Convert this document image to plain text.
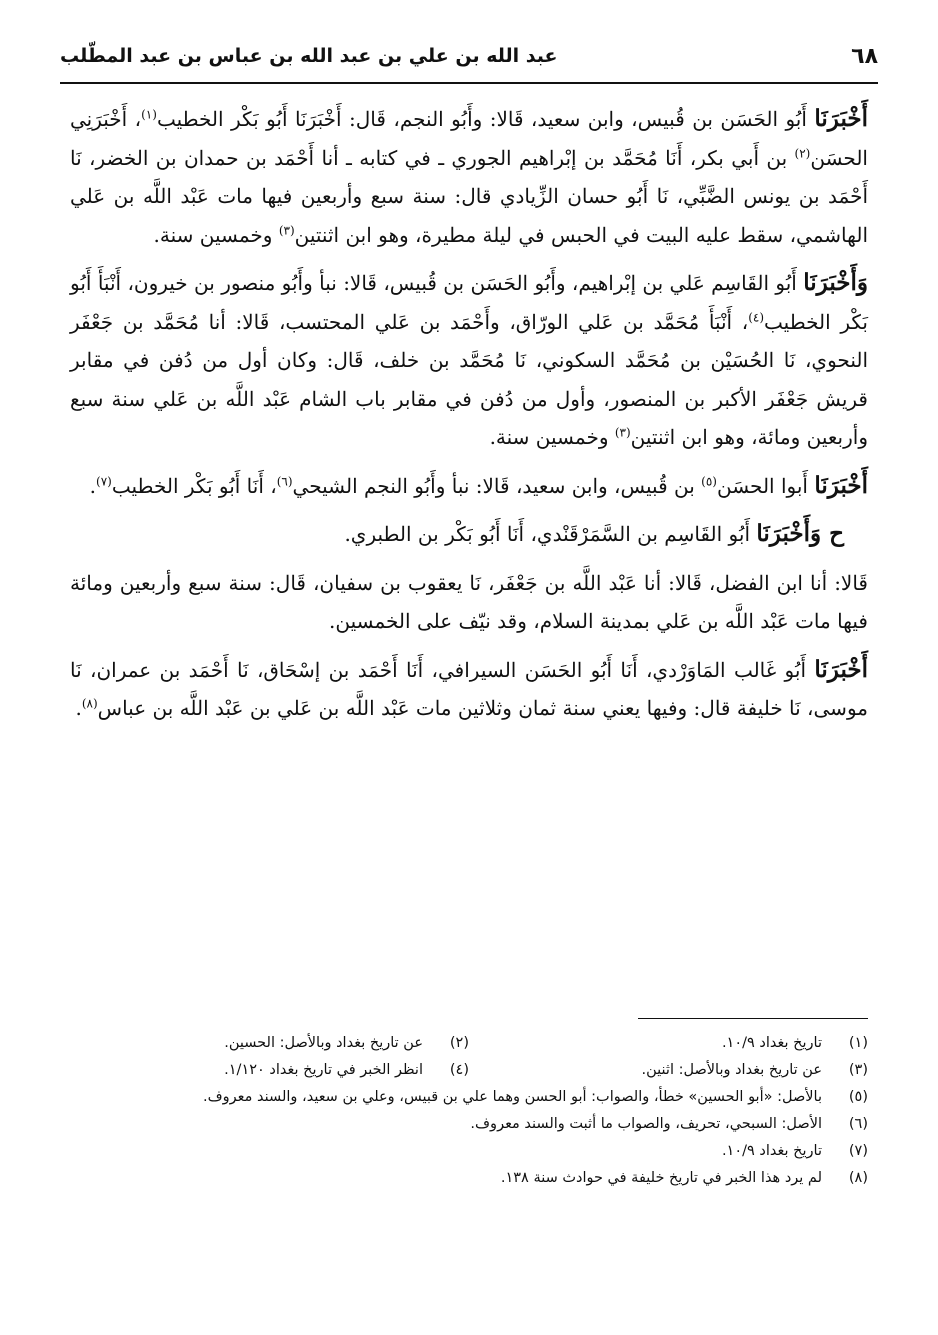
٦٨
عبد الله بن علي بن عبد الله بن عباس بن عبد المطّلب

أَخْبَرَنَا أَبُو الحَسَن بن قُبيس، وابن سعيد، قَالا: وأَبُو النجم، قَال: أَخْبَرَنَا أَبُو بَكْر الخطيب$^{(١)}$، أَخْبَرَنِي الحسَن$^{(٢)}$ بن أَبي بكر، أَنَا مُحَمَّد بن إبْراهيم الجوري ـ في كتابه ـ أنا أَحْمَد بن حمدان بن الخضر، نَا أَحْمَد بن يونس الضَّبِّي، نَا أَبُو حسان الزِّيادي قال: سنة سبع وأربعين فيها مات عَبْد اللَّه بن عَلي الهاشمي، سقط عليه البيت في الحبس في ليلة مطيرة، وهو ابن اثنتين$^{(٣)}$ وخمسين سنة.

وَأَخْبَرَنَا أَبُو القَاسِم عَلي بن إبْراهيم، وأَبُو الحَسَن بن قُبيس، قَالا: نبأ وأَبُو منصور بن خيرون، أَنْبَأَ أَبُو بَكْر الخطيب$^{(٤)}$، أَنْبَأَ مُحَمَّد بن عَلي الورّاق، وأَحْمَد بن عَلي المحتسب، قَالا: أنا مُحَمَّد بن جَعْفَر النحوي، نَا الحُسَيْن بن مُحَمَّد السكوني، نَا مُحَمَّد بن خلف، قَال: وكان أول من دُفن في مقابر قريش جَعْفَر الأكبر بن المنصور، وأول من دُفن في مقابر باب الشام عَبْد اللَّه بن عَلي سنة سبع وأربعين ومائة، وهو ابن اثنتين$^{(٣)}$ وخمسين سنة.

أَخْبَرَنَا أَبوا الحسَن$^{(٥)}$ بن قُبيس، وابن سعيد، قَالا: نبأ وأَبُو النجم الشيحي$^{(٦)}$، أَنَا أَبُو بَكْر الخطيب$^{(٧)}$.

ح وَأَخْبَرَنَا أَبُو القَاسِم بن السَّمَرْقَنْدي، أَنَا أَبُو بَكْر بن الطبري.

قَالا: أنا ابن الفضل، قَالا: أنا عَبْد اللَّه بن جَعْفَر، نَا يعقوب بن سفيان، قَال: سنة سبع وأربعين ومائة فيها مات عَبْد اللَّه بن عَلي بمدينة السلام، وقد نيّف على الخمسين.

أَخْبَرَنَا أَبُو غَالب المَاوَرْدي، أَنَا أَبُو الحَسَن السيرافي، أَنَا أَحْمَد بن إسْحَاق، نَا أَحْمَد بن عمران، نَا موسى، نَا خليفة قال: وفيها يعني سنة ثمان وثلاثين مات عَبْد اللَّه بن عَلي بن عَبْد اللَّه بن عباس$^{(٨)}$.

(١)
تاريخ بغداد ١٠/٩.
(٢)
عن تاريخ بغداد وبالأصل: الحسين.
(٣)
عن تاريخ بغداد وبالأصل: اثنين.
(٤)
انظر الخبر في تاريخ بغداد ١/١٢٠.
(٥)
بالأصل: «أبو الحسين» خطأ، والصواب: أبو الحسن وهما علي بن قبيس، وعلي بن سعيد، والسند معروف.
(٦)
الأصل: السبحي، تحريف، والصواب ما أثبت والسند معروف.
(٧)
تاريخ بغداد ١٠/٩.
(٨)
لم يرد هذا الخبر في تاريخ خليفة في حوادث سنة ١٣٨.
